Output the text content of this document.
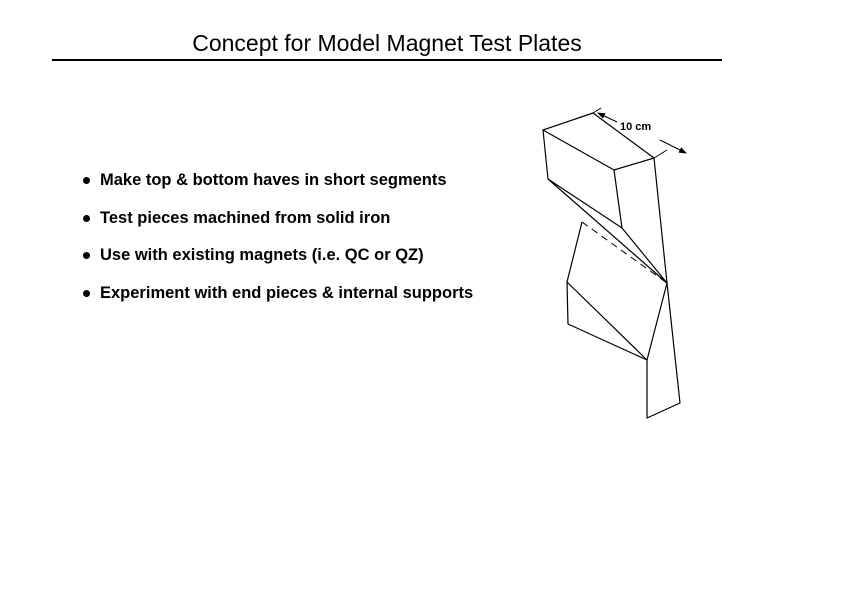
Concept for Model Magnet Test Plates
Make top & bottom haves in short segments
Test pieces machined from solid iron
Use with existing magnets (i.e. QC or QZ)
Experiment with end pieces & internal supports
10 cm
